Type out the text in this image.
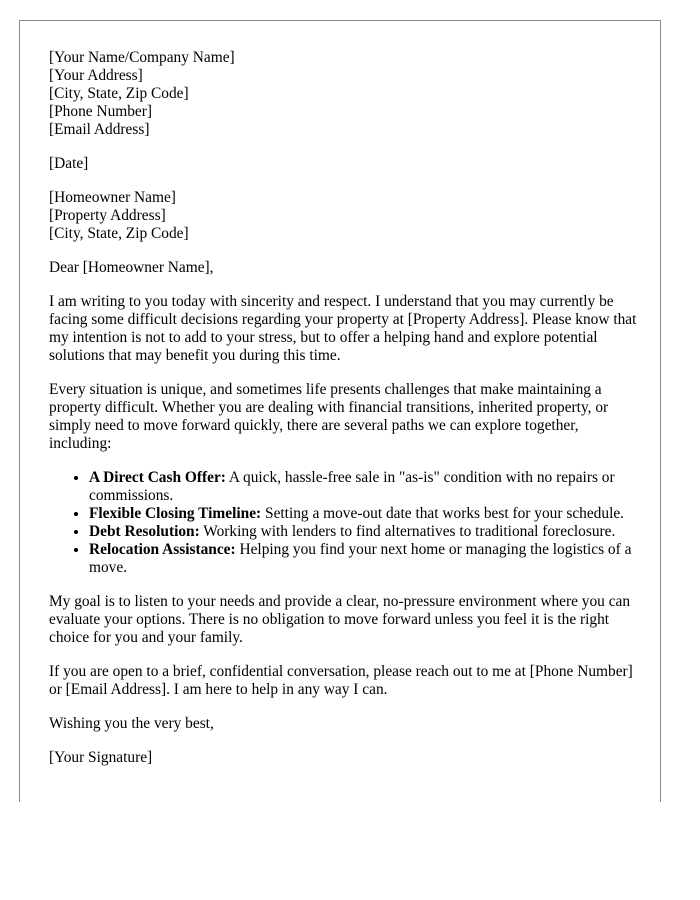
[Your Name/Company Name]
[Your Address]
[City, State, Zip Code]
[Phone Number]
[Email Address]
[Date]
[Homeowner Name]
[Property Address]
[City, State, Zip Code]

Dear [Homeowner Name],

I am writing to you today with sincerity and respect. I understand that you may currently be facing some difficult decisions regarding your property at [Property Address]. Please know that my intention is not to add to your stress, but to offer a helping hand and explore potential solutions that may benefit you during this time.

Every situation is unique, and sometimes life presents challenges that make maintaining a property difficult. Whether you are dealing with financial transitions, inherited property, or simply need to move forward quickly, there are several paths we can explore together, including:

• A Direct Cash Offer: A quick, hassle-free sale in "as-is" condition with no repairs or commissions.
• Flexible Closing Timeline: Setting a move-out date that works best for your schedule.
• Debt Resolution: Working with lenders to find alternatives to traditional foreclosure.
• Relocation Assistance: Helping you find your next home or managing the logistics of a move.

My goal is to listen to your needs and provide a clear, no-pressure environment where you can evaluate your options. There is no obligation to move forward unless you feel it is the right choice for you and your family.

If you are open to a brief, confidential conversation, please reach out to me at [Phone Number] or [Email Address]. I am here to help in any way I can.

Wishing you the very best,

[Your Signature]
